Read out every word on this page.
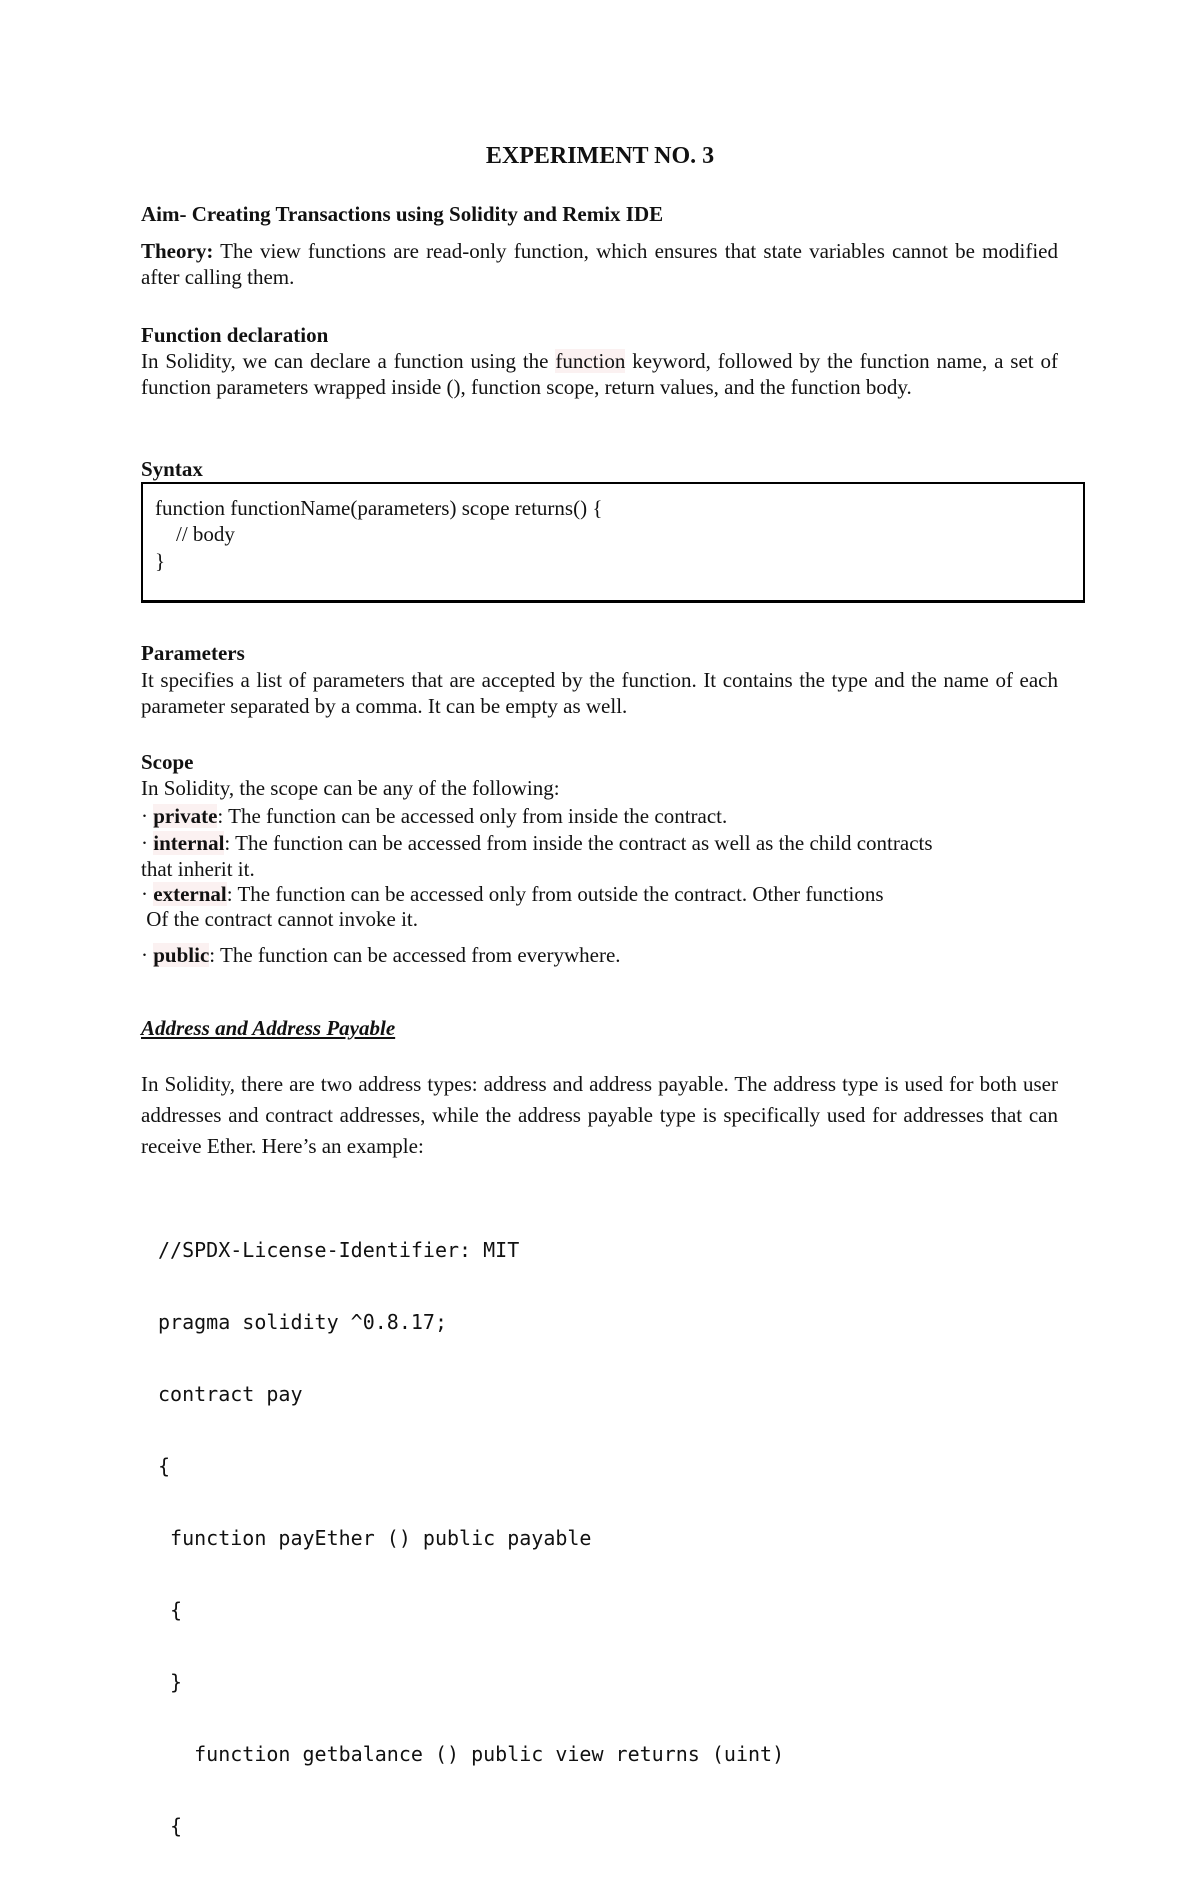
EXPERIMENT NO. 3
Aim- Creating Transactions using Solidity and Remix IDE

Theory: The view functions are read-only function, which ensures that state variables cannot be modified after calling them.

Function declaration

In Solidity, we can declare a function using the function keyword, followed by the function name, a set of function parameters wrapped inside (), function scope, return values, and the function body.

Syntax
function functionName(parameters) scope returns() {
// body
}
Parameters

It specifies a list of parameters that are accepted by the function. It contains the type and the name of each parameter separated by a comma. It can be empty as well.

Scope
In Solidity, the scope can be any of the following:
· private: The function can be accessed only from inside the contract.
· internal: The function can be accessed from inside the contract as well as the child contracts
that inherit it.
· external: The function can be accessed only from outside the contract. Other functions
Of the contract cannot invoke it.
· public: The function can be accessed from everywhere.
Address and Address Payable

In Solidity, there are two address types: address and address payable. The address type is used for both user addresses and contract addresses, while the address payable type is specifically used for addresses that can receive Ether. Here’s an example:

//SPDX-License-Identifier: MIT

pragma solidity ^0.8.17;

contract pay

{

function payEther () public payable

{

}

function getbalance () public view returns (uint)

{
